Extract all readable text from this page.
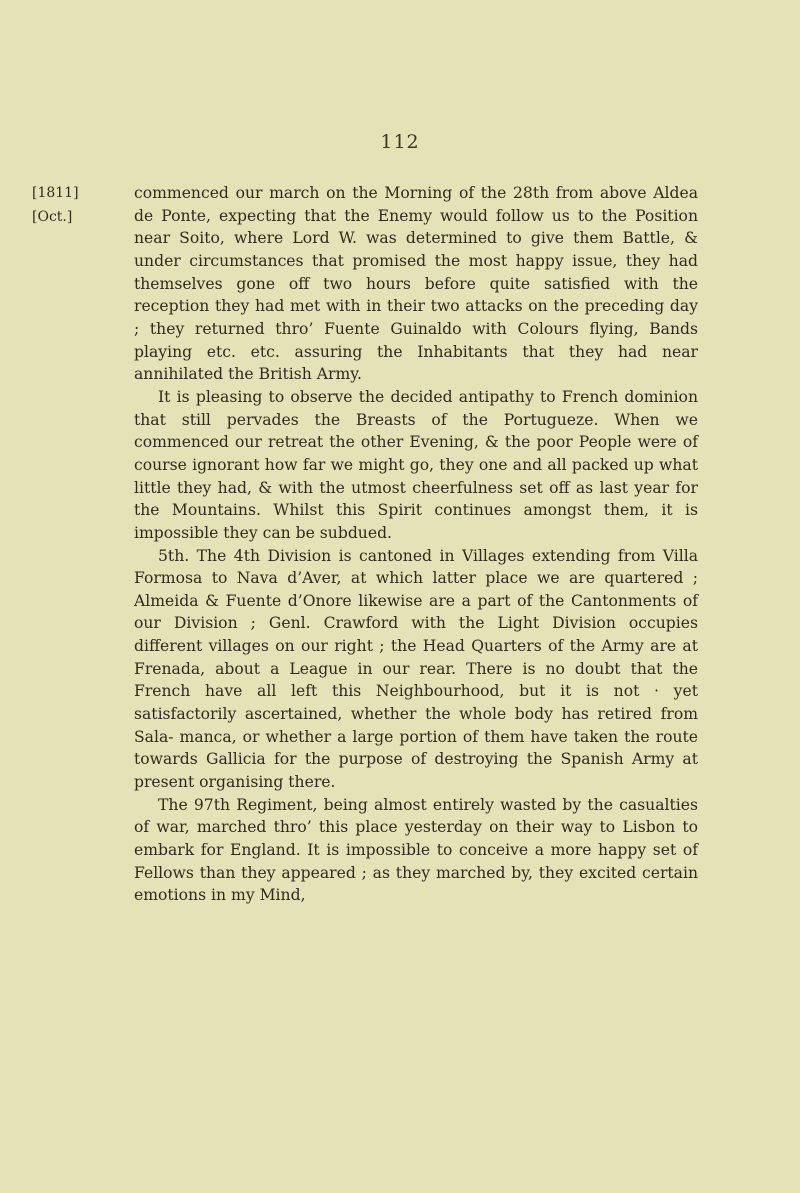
112
[1811]
[Oct.]

commenced our march on the Morning of the 28th from above Aldea de Ponte, expecting that the Enemy would follow us to the Position near Soito, where Lord W. was determined to give them Battle, & under circumstances that promised the most happy issue, they had themselves gone off two hours before quite satisfied with the reception they had met with in their two attacks on the preceding day ; they returned thro’ Fuente Guinaldo with Colours flying, Bands playing etc. etc. assuring the Inhabitants that they had near annihilated the British Army.

It is pleasing to observe the decided antipathy to French dominion that still pervades the Breasts of the Portugueze. When we commenced our retreat the other Evening, & the poor People were of course ignorant how far we might go, they one and all packed up what little they had, & with the utmost cheerfulness set off as last year for the Mountains. Whilst this Spirit continues amongst them, it is impossible they can be subdued.

5th. The 4th Division is cantoned in Villages extending from Villa Formosa to Nava d’Aver, at which latter place we are quartered ; Almeida & Fuente d’Onore likewise are a part of the Cantonments of our Division ; Genl. Crawford with the Light Division occupies different villages on our right ; the Head Quarters of the Army are at Frenada, about a League in our rear. There is no doubt that the French have all left this Neighbourhood, but it is not · yet satisfactorily ascertained, whether the whole body has retired from Sala- manca, or whether a large portion of them have taken the route towards Gallicia for the purpose of destroying the Spanish Army at present organising there.

The 97th Regiment, being almost entirely wasted by the casualties of war, marched thro’ this place yesterday on their way to Lisbon to embark for England. It is impossible to conceive a more happy set of Fellows than they appeared ; as they marched by, they excited certain emotions in my Mind,
